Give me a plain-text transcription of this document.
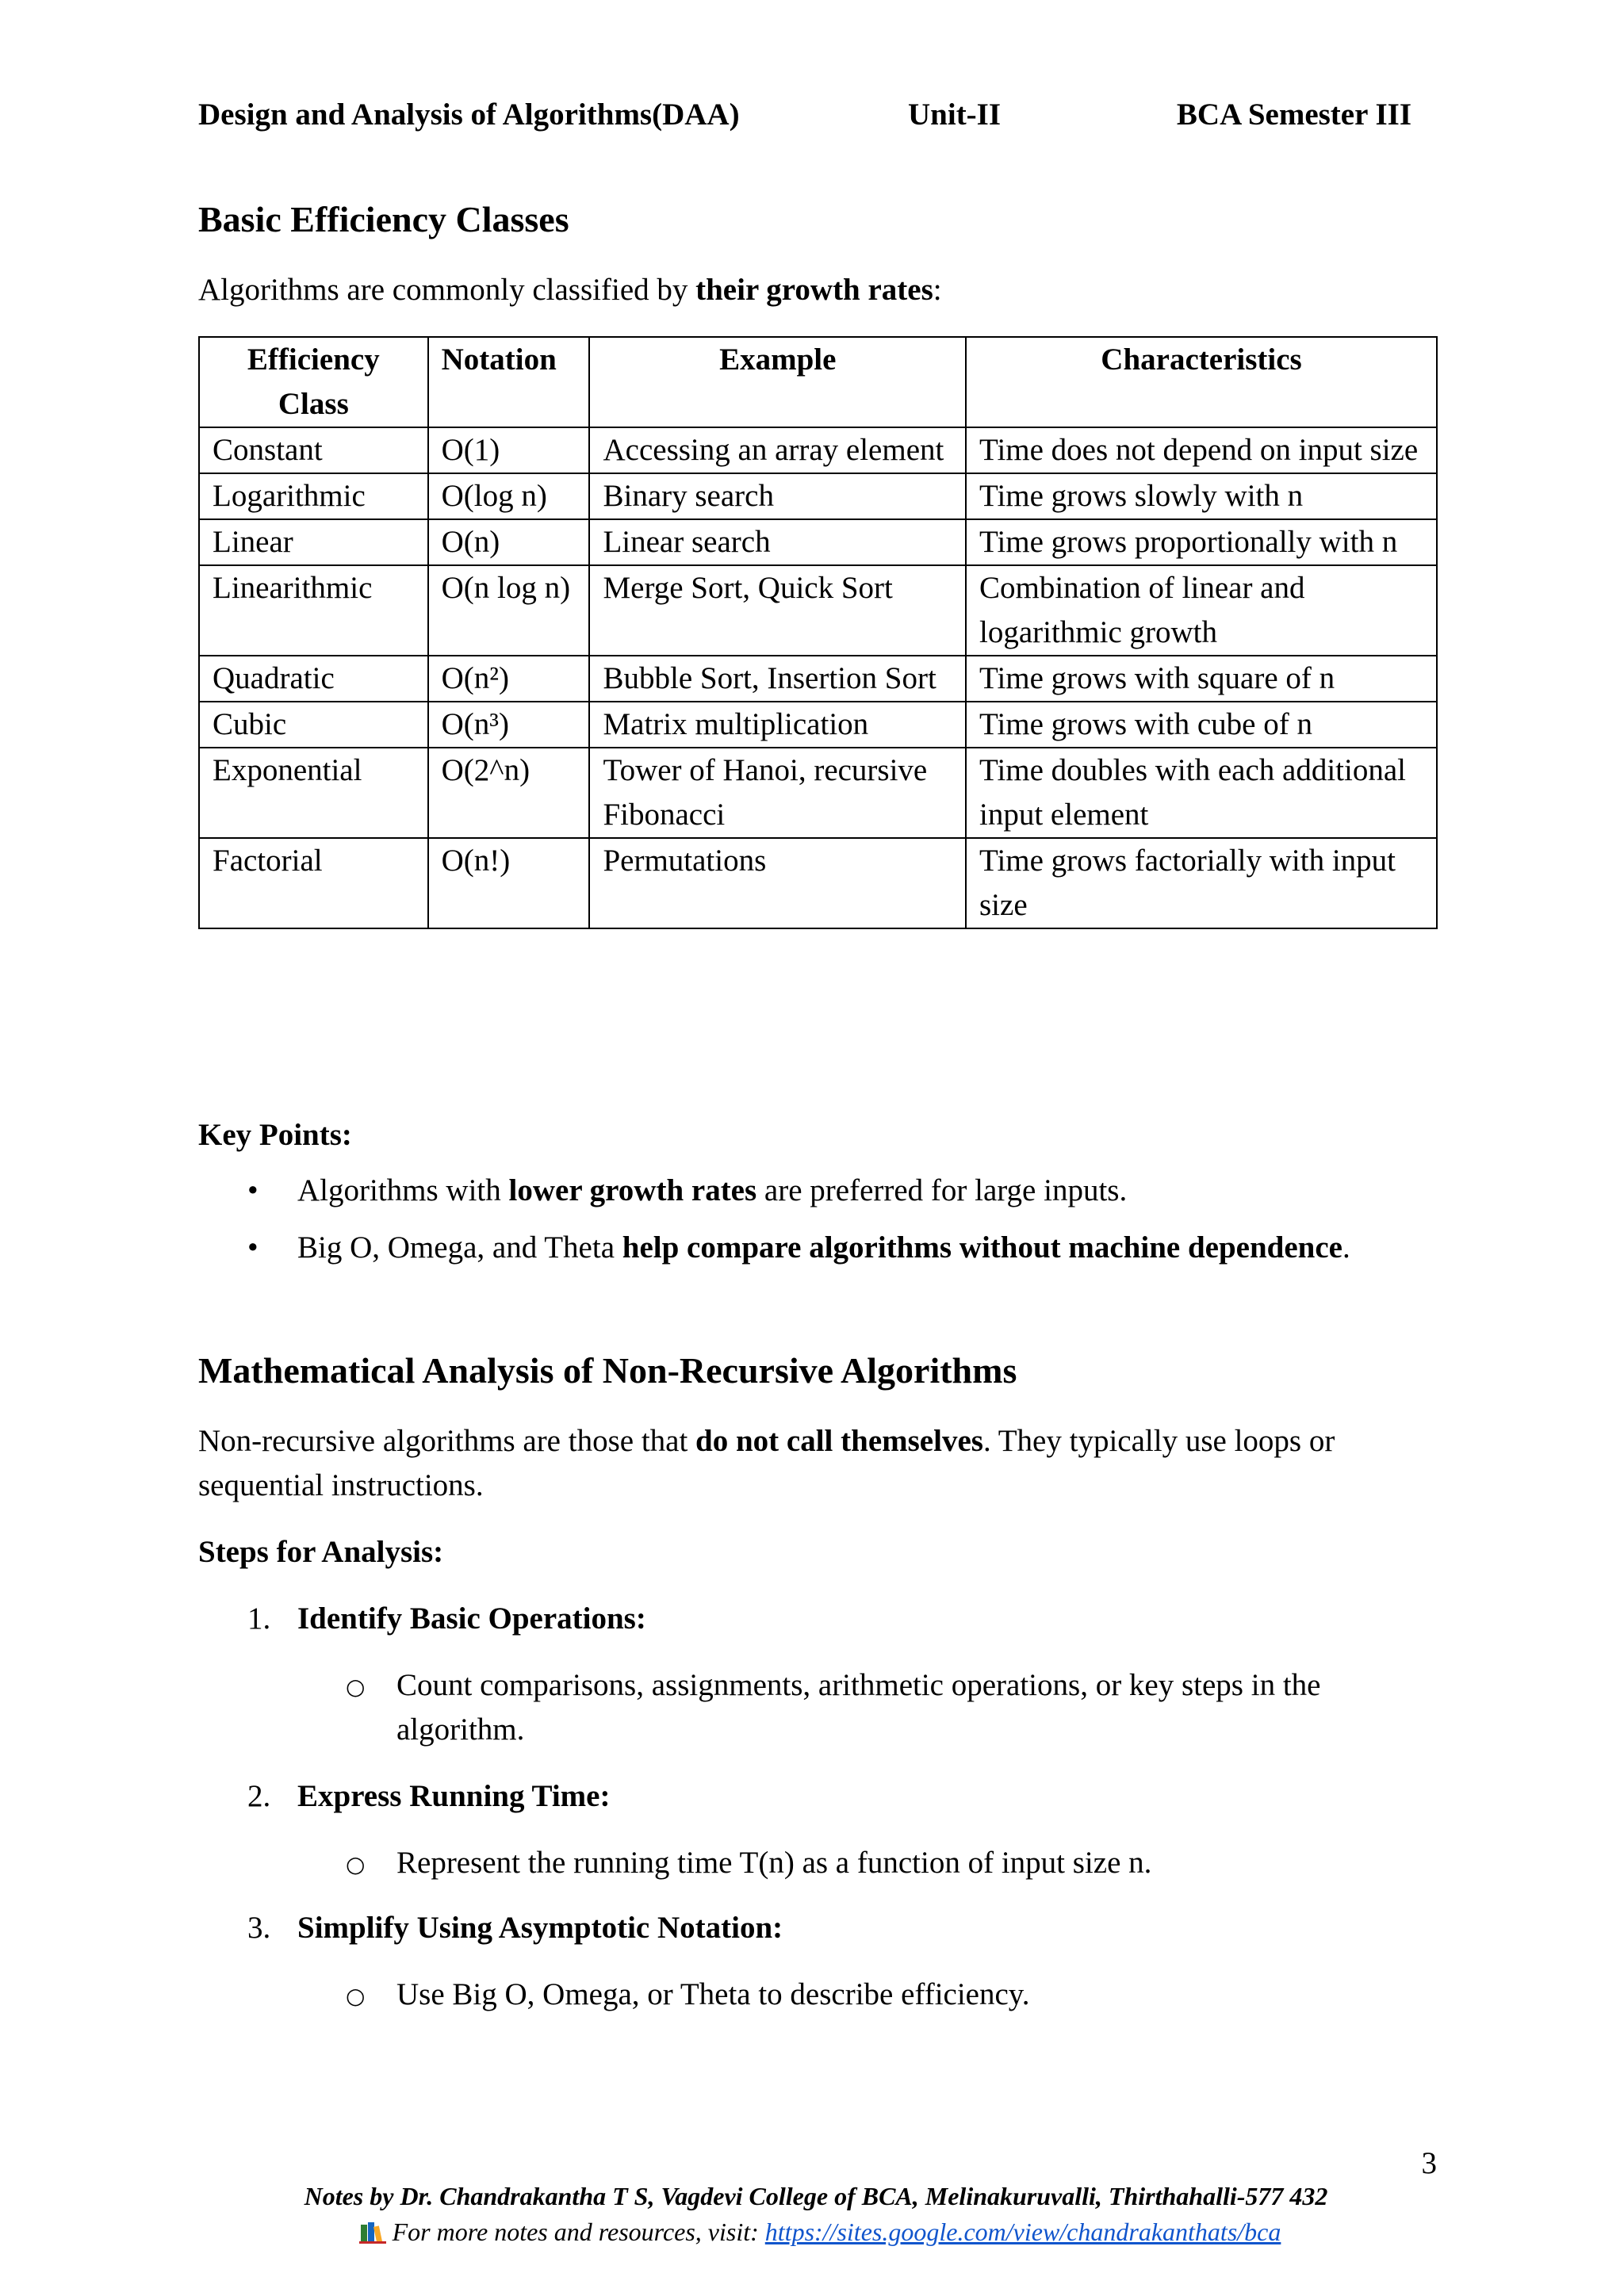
Design and Analysis of Algorithms(DAA)	Unit-II	BCA Semester III
Basic Efficiency Classes
Algorithms are commonly classified by their growth rates:
Efficiency Class	Notation	Example	Characteristics
Constant	O(1)	Accessing an array element	Time does not depend on input size
Logarithmic	O(log n)	Binary search	Time grows slowly with n
Linear	O(n)	Linear search	Time grows proportionally with n
Linearithmic	O(n log n)	Merge Sort, Quick Sort	Combination of linear and logarithmic growth
Quadratic	O(n²)	Bubble Sort, Insertion Sort	Time grows with square of n
Cubic	O(n³)	Matrix multiplication	Time grows with cube of n
Exponential	O(2^n)	Tower of Hanoi, recursive Fibonacci	Time doubles with each additional input element
Factorial	O(n!)	Permutations	Time grows factorially with input size
Key Points:
• Algorithms with lower growth rates are preferred for large inputs.
• Big O, Omega, and Theta help compare algorithms without machine dependence.
Mathematical Analysis of Non-Recursive Algorithms
Non-recursive algorithms are those that do not call themselves. They typically use loops or sequential instructions.
Steps for Analysis:
1. Identify Basic Operations:
○ Count comparisons, assignments, arithmetic operations, or key steps in the algorithm.
2. Express Running Time:
○ Represent the running time T(n) as a function of input size n.
3. Simplify Using Asymptotic Notation:
○ Use Big O, Omega, or Theta to describe efficiency.
3
Notes by Dr. Chandrakantha T S, Vagdevi College of BCA, Melinakuruvalli, Thirthahalli-577 432
For more notes and resources, visit: https://sites.google.com/view/chandrakanthats/bca
